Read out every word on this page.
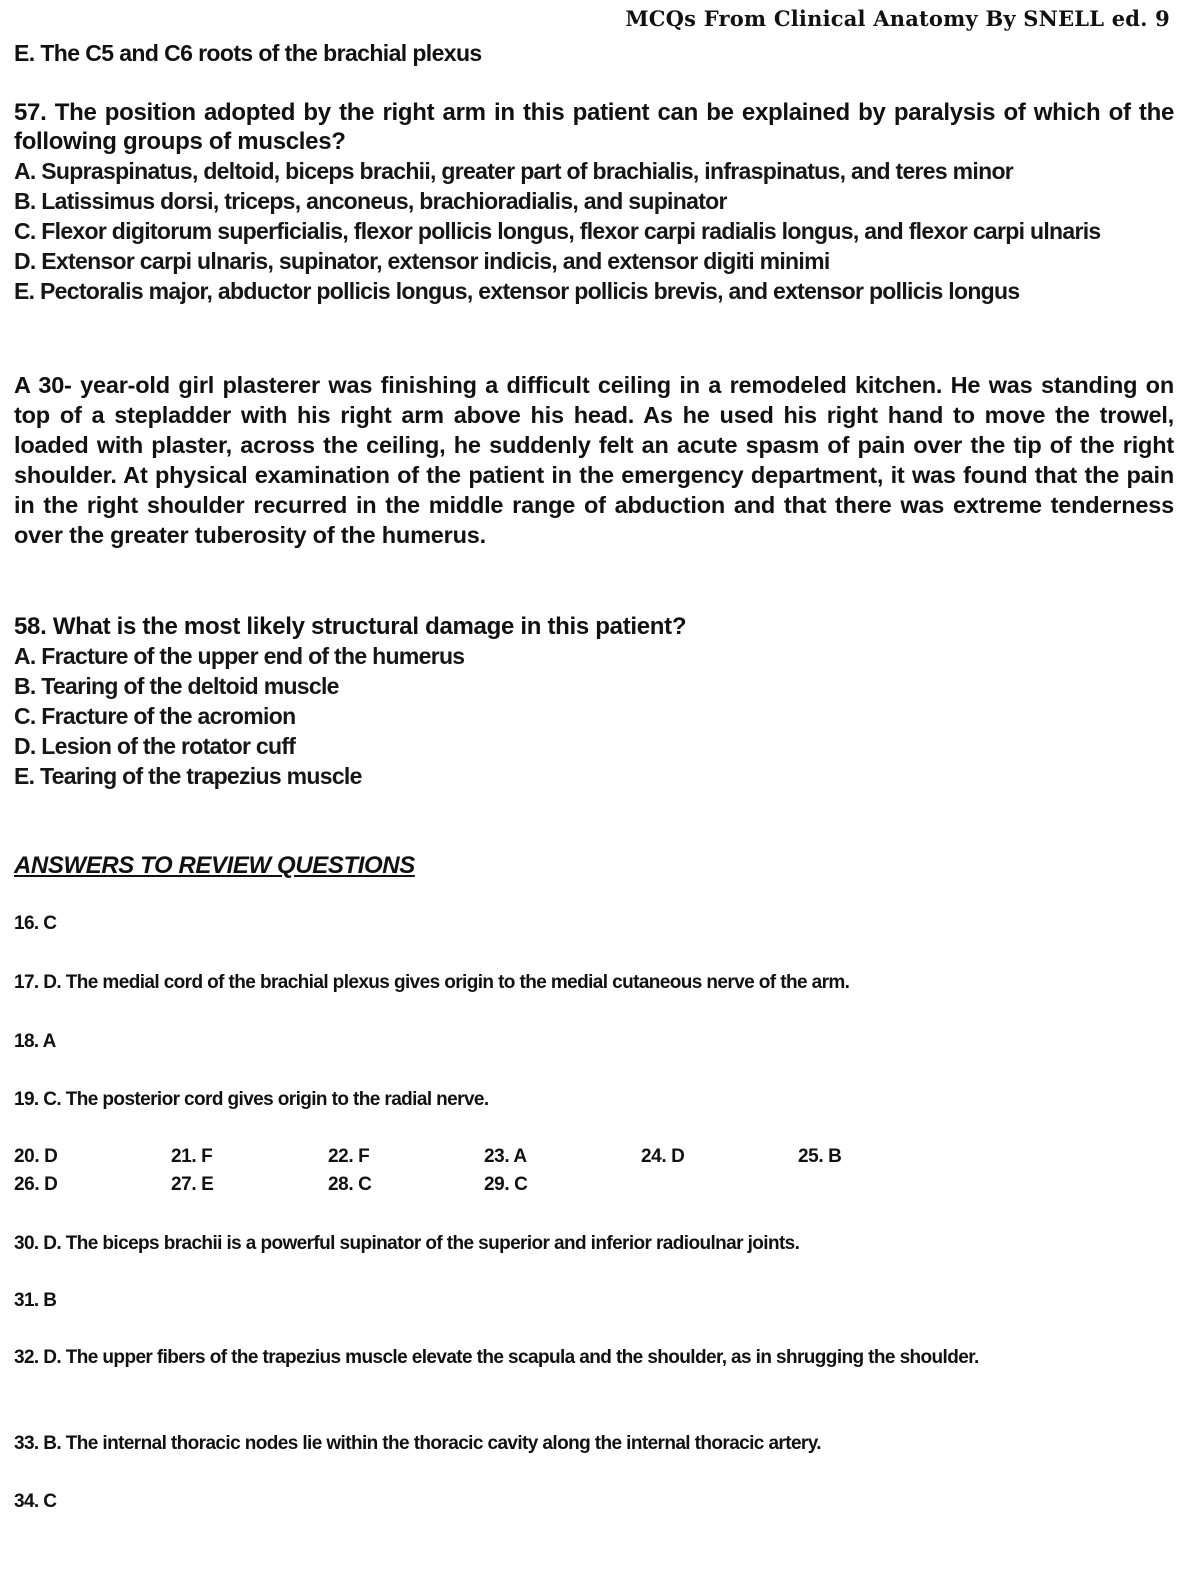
MCQs From Clinical Anatomy By SNELL ed. 9
E. The C5 and C6 roots of the brachial plexus

57. The position adopted by the right arm in this patient can be explained by paralysis of which of the following groups of muscles?

A. Supraspinatus, deltoid, biceps brachii, greater part of brachialis, infraspinatus, and teres minor
B. Latissimus dorsi, triceps, anconeus, brachioradialis, and supinator
C. Flexor digitorum superficialis, flexor pollicis longus, flexor carpi radialis longus, and flexor carpi ulnaris
D. Extensor carpi ulnaris, supinator, extensor indicis, and extensor digiti minimi
E. Pectoralis major, abductor pollicis longus, extensor pollicis brevis, and extensor pollicis longus

A 30- year-old girl plasterer was finishing a difficult ceiling in a remodeled kitchen. He was standing on top of a stepladder with his right arm above his head. As he used his right hand to move the trowel, loaded with plaster, across the ceiling, he suddenly felt an acute spasm of pain over the tip of the right shoulder. At physical examination of the patient in the emergency department, it was found that the pain in the right shoulder recurred in the middle range of abduction and that there was extreme tenderness over the greater tuberosity of the humerus.

58. What is the most likely structural damage in this patient?

A. Fracture of the upper end of the humerus
B. Tearing of the deltoid muscle
C. Fracture of the acromion
D. Lesion of the rotator cuff
E. Tearing of the trapezius muscle
ANSWERS TO REVIEW QUESTIONS

16. C

17. D. The medial cord of the brachial plexus gives origin to the medial cutaneous nerve of the arm.

18. A

19. C. The posterior cord gives origin to the radial nerve.

20. D	21. F	22. F	23. A	24. D	25. B
26. D	27. E	28. C	29. C

30. D. The biceps brachii is a powerful supinator of the superior and inferior radioulnar joints.

31. B

32. D. The upper fibers of the trapezius muscle elevate the scapula and the shoulder, as in shrugging the shoulder.

33. B. The internal thoracic nodes lie within the thoracic cavity along the internal thoracic artery.

34. C
